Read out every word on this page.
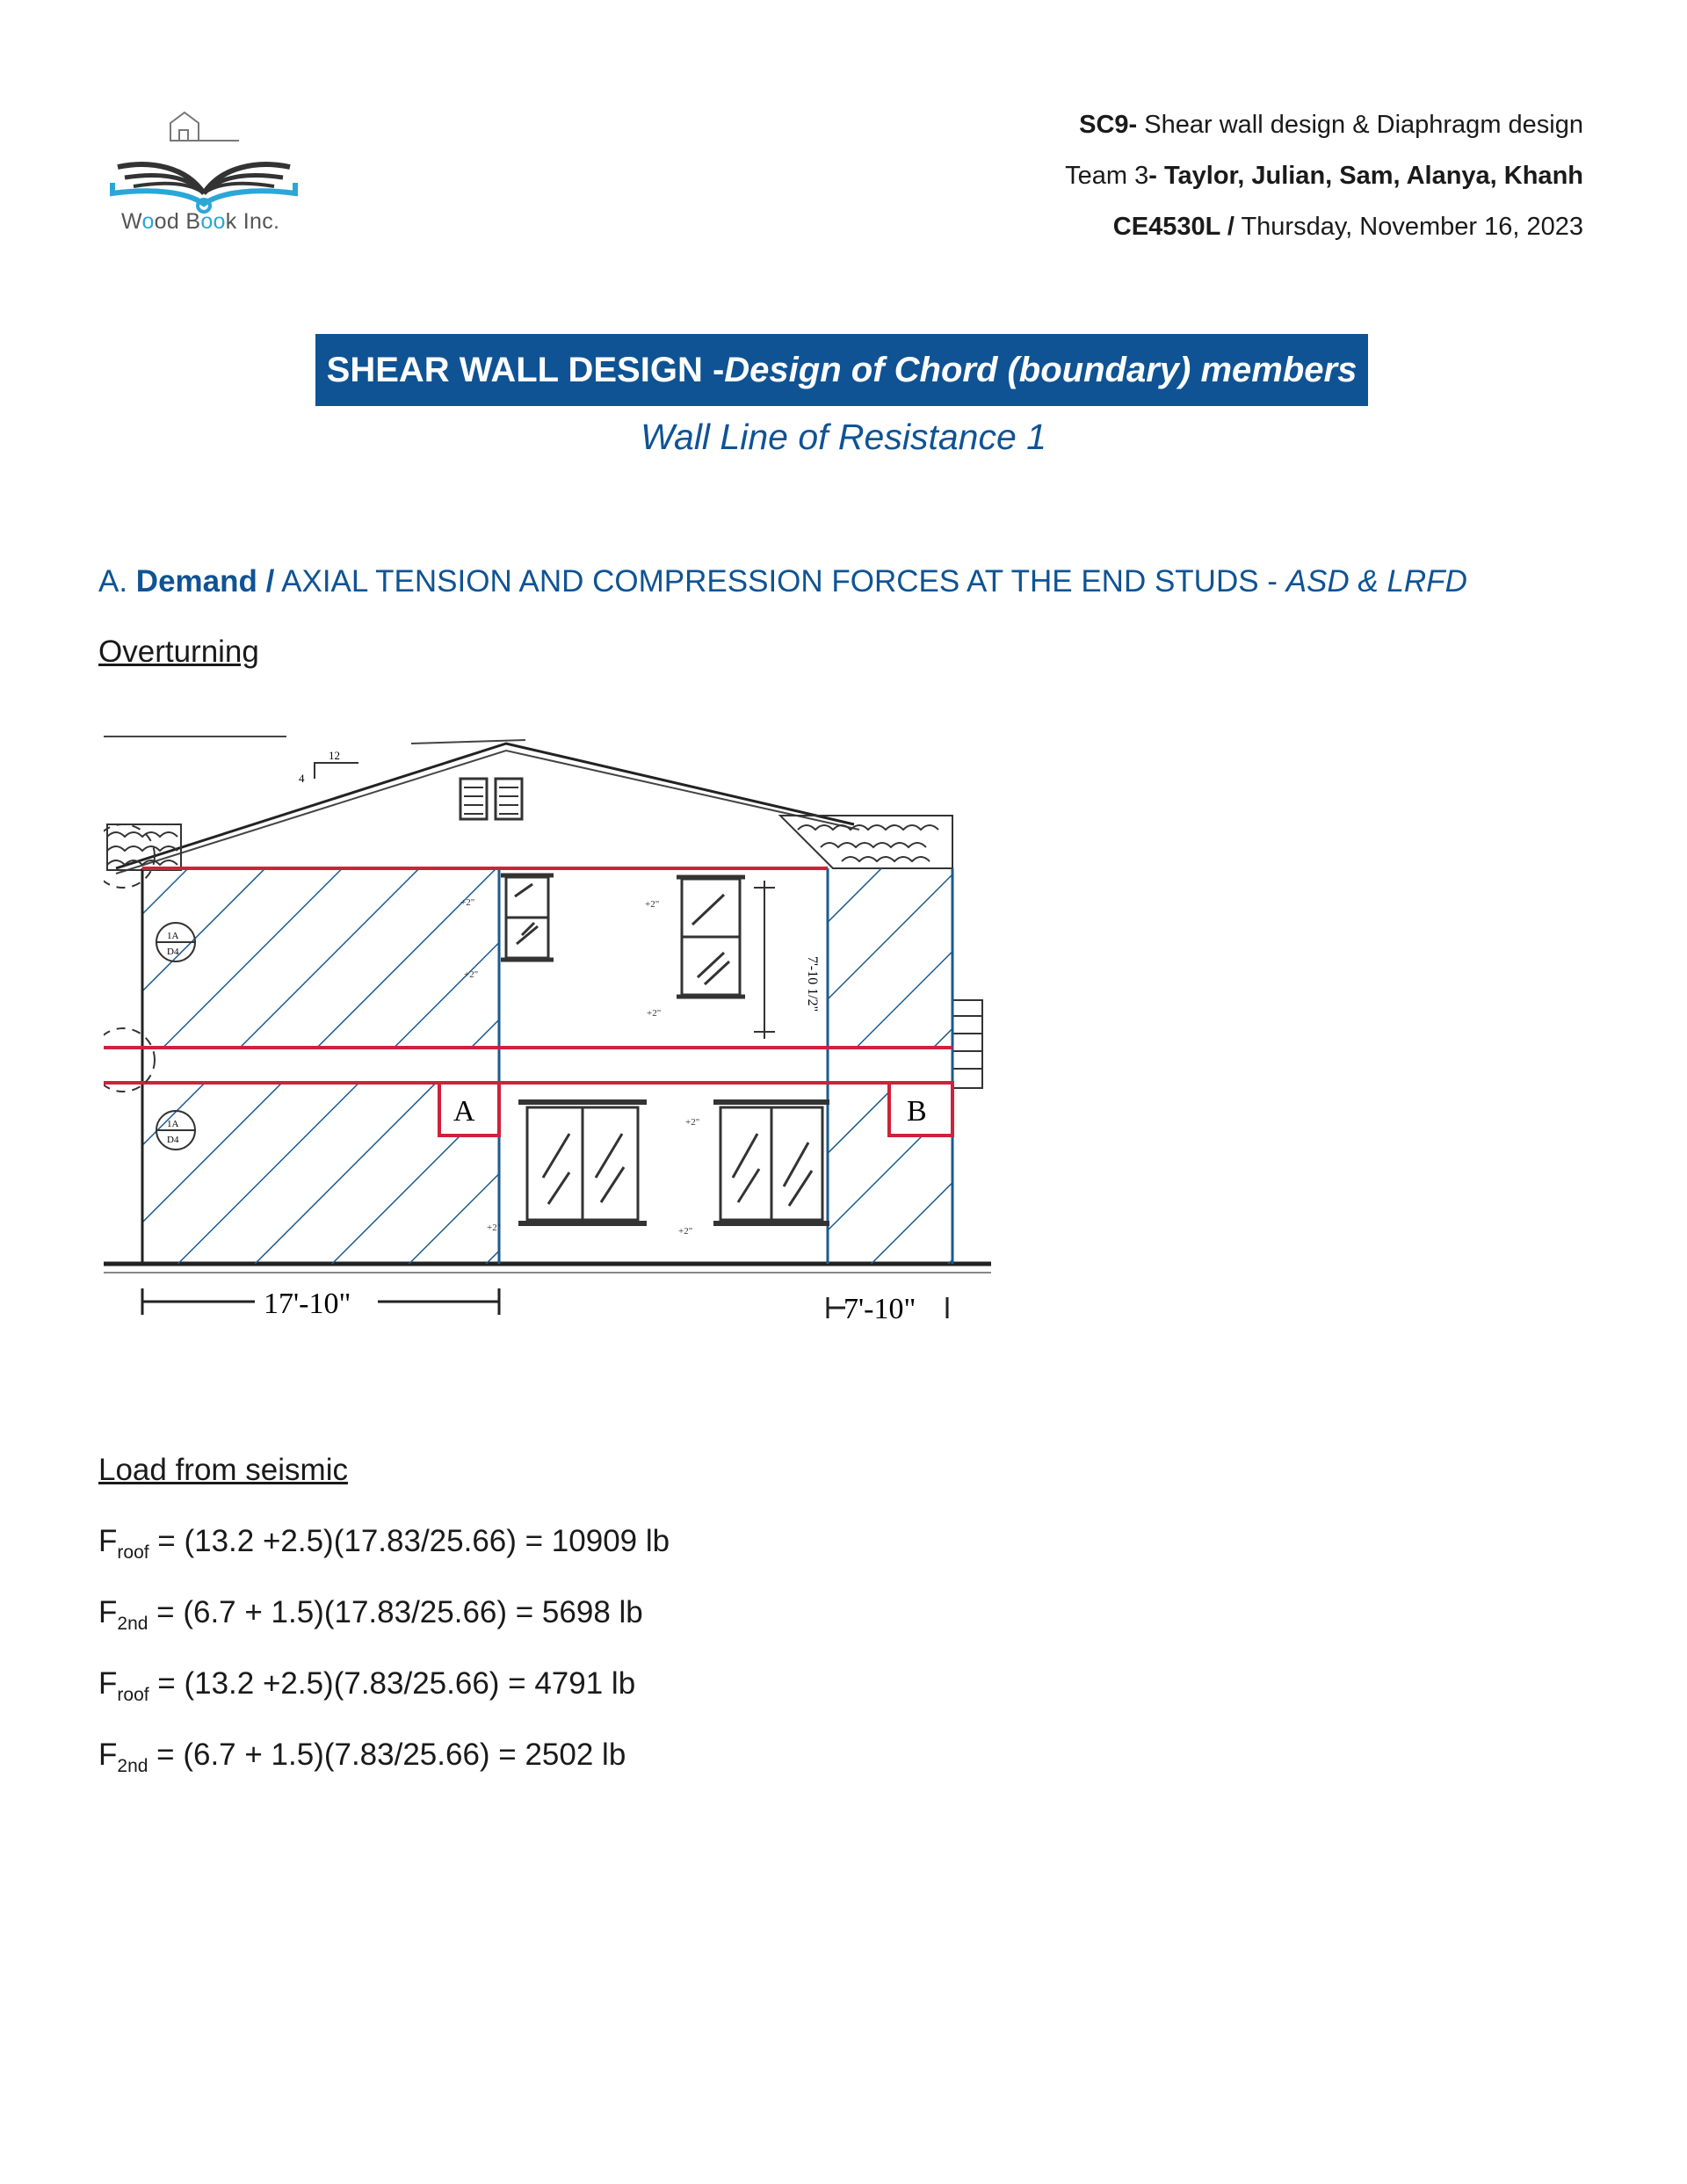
Wood Book Inc.
SC9- Shear wall design & Diaphragm design
Team 3- Taylor, Julian, Sam, Alanya, Khanh
CE4530L / Thursday, November 16, 2023
SHEAR WALL DESIGN - Design of Chord (boundary) members
Wall Line of Resistance 1
A. Demand / AXIAL TENSION AND COMPRESSION FORCES AT THE END STUDS - ASD & LRFD
Overturning
4
12
A	B
7'-10 1/2"
+2"
+2"
+2"
+2"
+2"
+2"
+2"
1A
D4
1A
D4
17'-10"	7'-10"
Load from seismic
$F_{roof} = (13.2 +2.5)(17.83/25.66) = 10909$ lb
$F_{2nd} = (6.7 + 1.5)(17.83/25.66) = 5698$ lb
$F_{roof} = (13.2 +2.5)(7.83/25.66) = 4791$ lb
$F_{2nd} = (6.7 + 1.5)(7.83/25.66) = 2502$ lb
